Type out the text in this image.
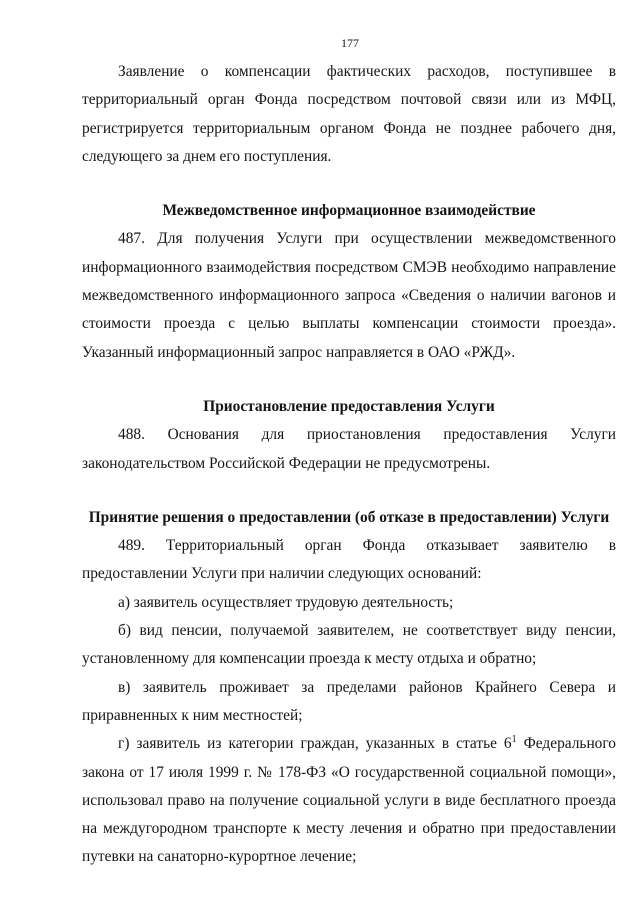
177

Заявление о компенсации фактических расходов, поступившее в территориальный орган Фонда посредством почтовой связи или из МФЦ, регистрируется территориальным органом Фонда не позднее рабочего дня, следующего за днем его поступления.

Межведомственное информационное взаимодействие

487. Для получения Услуги при осуществлении межведомственного информационного взаимодействия посредством СМЭВ необходимо направление межведомственного информационного запроса «Сведения о наличии вагонов и стоимости проезда с целью выплаты компенсации стоимости проезда». Указанный информационный запрос направляется в ОАО «РЖД».

Приостановление предоставления Услуги

488. Основания для приостановления предоставления Услуги законодательством Российской Федерации не предусмотрены.

Принятие решения о предоставлении (об отказе в предоставлении) Услуги

489. Территориальный орган Фонда отказывает заявителю в предоставлении Услуги при наличии следующих оснований:

а) заявитель осуществляет трудовую деятельность;

б) вид пенсии, получаемой заявителем, не соответствует виду пенсии, установленному для компенсации проезда к месту отдыха и обратно;

в) заявитель проживает за пределами районов Крайнего Севера и приравненных к ним местностей;

г) заявитель из категории граждан, указанных в статье $6^1$ Федерального закона от 17 июля 1999 г. № 178-ФЗ «О государственной социальной помощи», использовал право на получение социальной услуги в виде бесплатного проезда на междугородном транспорте к месту лечения и обратно при предоставлении путевки на санаторно-курортное лечение;
